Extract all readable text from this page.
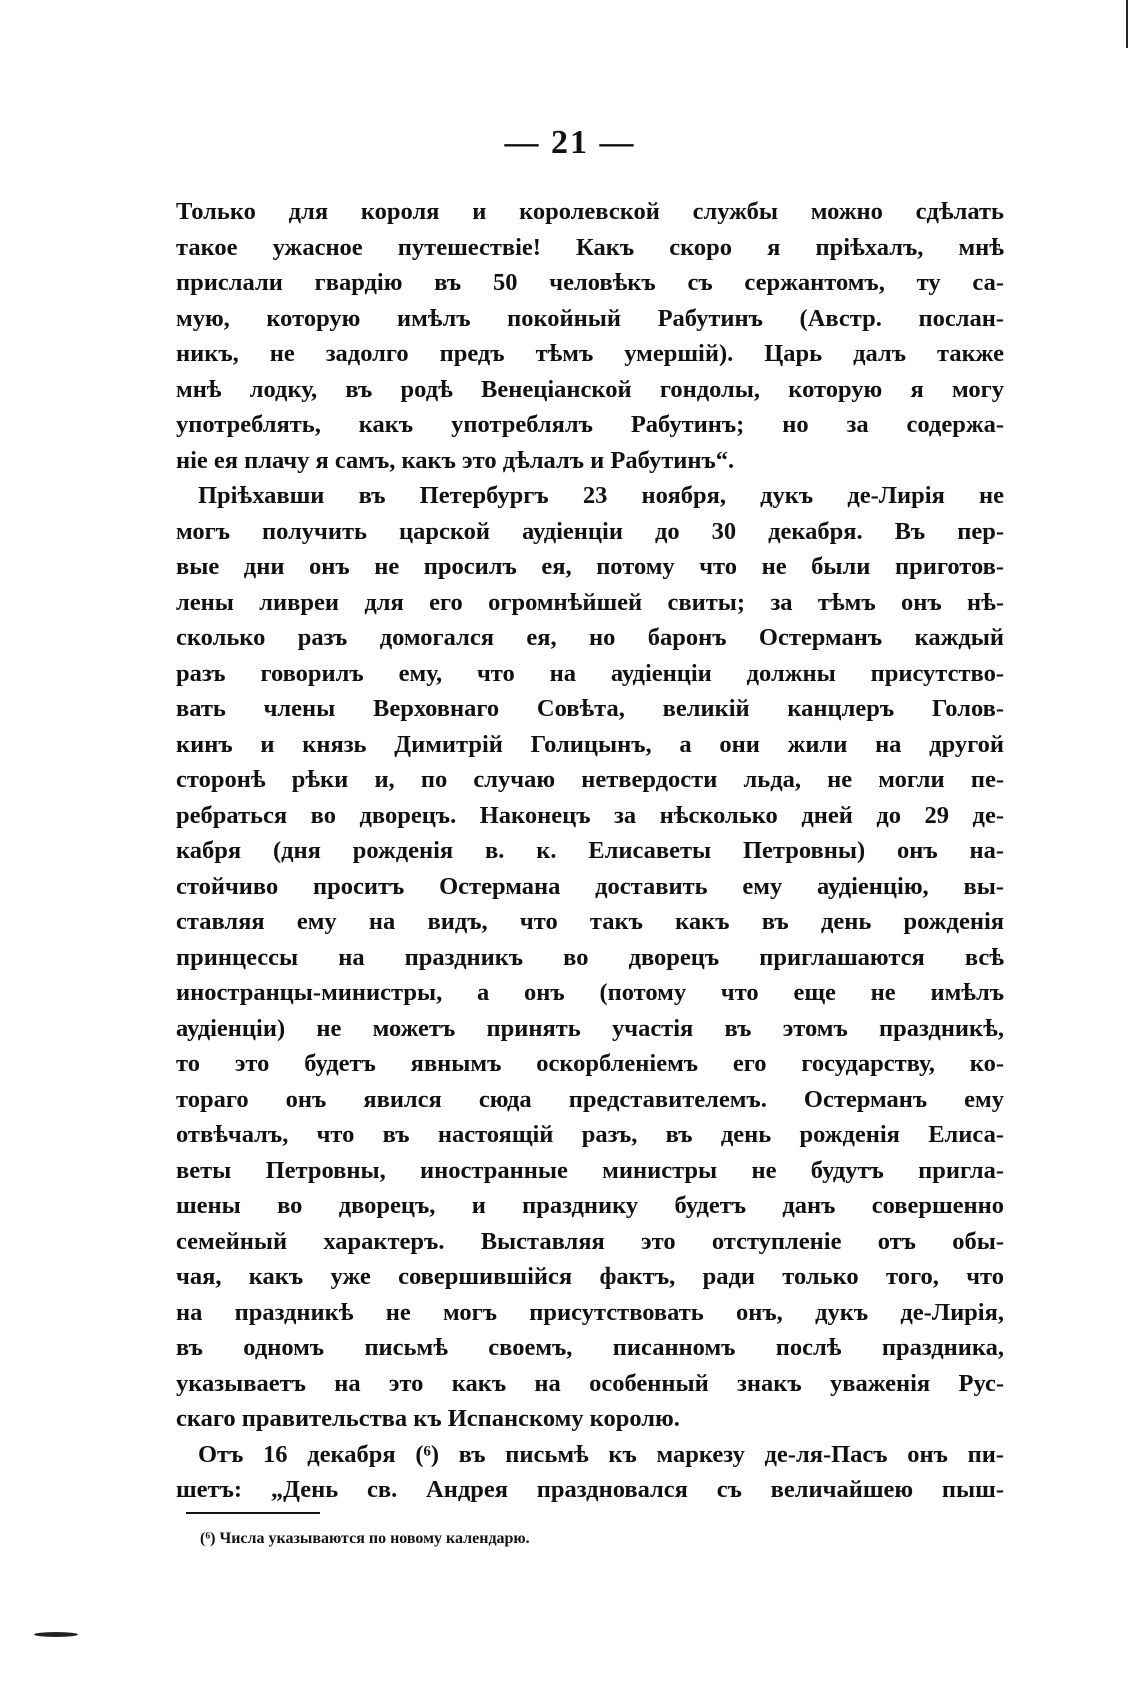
— 21 —
Только для короля и королевской службы можно сдѣлать
такое ужасное путешествіе! Какъ скоро я пріѣхалъ, мнѣ
прислали гвардію въ 50 человѣкъ съ сержантомъ, ту са-
мую, которую имѣлъ покойный Рабутинъ (Австр. послан-
никъ, не задолго предъ тѣмъ умершій). Царь далъ также
мнѣ лодку, въ родѣ Венеціанской гондолы, которую я могу
употреблять, какъ употреблялъ Рабутинъ; но за содержа-
ніе ея плачу я самъ, какъ это дѣлалъ и Рабутинъ“.
Пріѣхавши въ Петербургъ 23 ноября, дукъ де-Лирія не
могъ получить царской аудіенціи до 30 декабря. Въ пер-
вые дни онъ не просилъ ея, потому что не были приготов-
лены ливреи для его огромнѣйшей свиты; за тѣмъ онъ нѣ-
сколько разъ домогался ея, но баронъ Остерманъ каждый
разъ говорилъ ему, что на аудіенціи должны присутство-
вать члены Верховнаго Совѣта, великій канцлеръ Голов-
кинъ и князь Димитрій Голицынъ, а они жили на другой
сторонѣ рѣки и, по случаю нетвердости льда, не могли пе-
ребраться во дворецъ. Наконецъ за нѣсколько дней до 29 де-
кабря (дня рожденія в. к. Елисаветы Петровны) онъ на-
стойчиво проситъ Остермана доставить ему аудіенцію, вы-
ставляя ему на видъ, что такъ какъ въ день рожденія
принцессы на праздникъ во дворецъ приглашаются всѣ
иностранцы-министры, а онъ (потому что еще не имѣлъ
аудіенціи) не можетъ принять участія въ этомъ праздникѣ,
то это будетъ явнымъ оскорбленіемъ его государству, ко-
тораго онъ явился сюда представителемъ. Остерманъ ему
отвѣчалъ, что въ настоящій разъ, въ день рожденія Елиса-
веты Петровны, иностранные министры не будутъ пригла-
шены во дворецъ, и празднику будетъ данъ совершенно
семейный характеръ. Выставляя это отступленіе отъ обы-
чая, какъ уже совершившійся фактъ, ради только того, что
на праздникѣ не могъ присутствовать онъ, дукъ де-Лирія,
въ одномъ письмѣ своемъ, писанномъ послѣ праздника,
указываетъ на это какъ на особенный знакъ уваженія Рус-
скаго правительства къ Испанскому королю.
Отъ 16 декабря (⁶) въ письмѣ къ маркезу де-ля-Пасъ онъ пи-
шетъ: „День св. Андрея праздновался съ величайшею пыш-
(⁶) Числа указываются по новому календарю.
